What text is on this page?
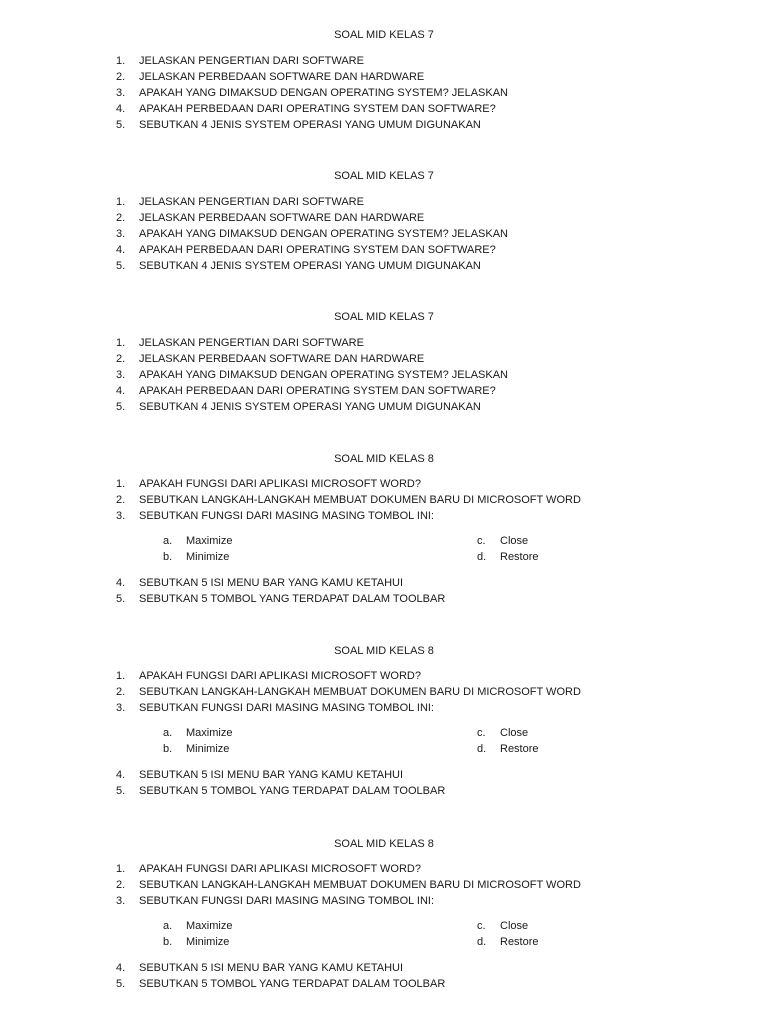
SOAL MID KELAS 7
1.	JELASKAN PENGERTIAN DARI SOFTWARE
2.	JELASKAN PERBEDAAN SOFTWARE DAN HARDWARE
3.	APAKAH YANG DIMAKSUD DENGAN OPERATING SYSTEM? JELASKAN
4.	APAKAH PERBEDAAN DARI OPERATING SYSTEM DAN SOFTWARE?
5.	SEBUTKAN 4 JENIS SYSTEM OPERASI YANG UMUM DIGUNAKAN
SOAL MID KELAS 7
1.	JELASKAN PENGERTIAN DARI SOFTWARE
2.	JELASKAN PERBEDAAN SOFTWARE DAN HARDWARE
3.	APAKAH YANG DIMAKSUD DENGAN OPERATING SYSTEM? JELASKAN
4.	APAKAH PERBEDAAN DARI OPERATING SYSTEM DAN SOFTWARE?
5.	SEBUTKAN 4 JENIS SYSTEM OPERASI YANG UMUM DIGUNAKAN
SOAL MID KELAS 7
1.	JELASKAN PENGERTIAN DARI SOFTWARE
2.	JELASKAN PERBEDAAN SOFTWARE DAN HARDWARE
3.	APAKAH YANG DIMAKSUD DENGAN OPERATING SYSTEM? JELASKAN
4.	APAKAH PERBEDAAN DARI OPERATING SYSTEM DAN SOFTWARE?
5.	SEBUTKAN 4 JENIS SYSTEM OPERASI YANG UMUM DIGUNAKAN
SOAL MID KELAS 8
1.	APAKAH FUNGSI DARI APLIKASI MICROSOFT WORD?
2.	SEBUTKAN LANGKAH-LANGKAH MEMBUAT DOKUMEN BARU DI MICROSOFT WORD
3.	SEBUTKAN FUNGSI DARI MASING MASING TOMBOL INI:
a. Maximize	c. Close
b. Minimize	d. Restore
4.	SEBUTKAN 5 ISI MENU BAR YANG KAMU KETAHUI
5.	SEBUTKAN 5 TOMBOL YANG TERDAPAT DALAM TOOLBAR
SOAL MID KELAS 8
1.	APAKAH FUNGSI DARI APLIKASI MICROSOFT WORD?
2.	SEBUTKAN LANGKAH-LANGKAH MEMBUAT DOKUMEN BARU DI MICROSOFT WORD
3.	SEBUTKAN FUNGSI DARI MASING MASING TOMBOL INI:
a. Maximize	c. Close
b. Minimize	d. Restore
4.	SEBUTKAN 5 ISI MENU BAR YANG KAMU KETAHUI
5.	SEBUTKAN 5 TOMBOL YANG TERDAPAT DALAM TOOLBAR
SOAL MID KELAS 8
1.	APAKAH FUNGSI DARI APLIKASI MICROSOFT WORD?
2.	SEBUTKAN LANGKAH-LANGKAH MEMBUAT DOKUMEN BARU DI MICROSOFT WORD
3.	SEBUTKAN FUNGSI DARI MASING MASING TOMBOL INI:
a. Maximize	c. Close
b. Minimize	d. Restore
4.	SEBUTKAN 5 ISI MENU BAR YANG KAMU KETAHUI
5.	SEBUTKAN 5 TOMBOL YANG TERDAPAT DALAM TOOLBAR
